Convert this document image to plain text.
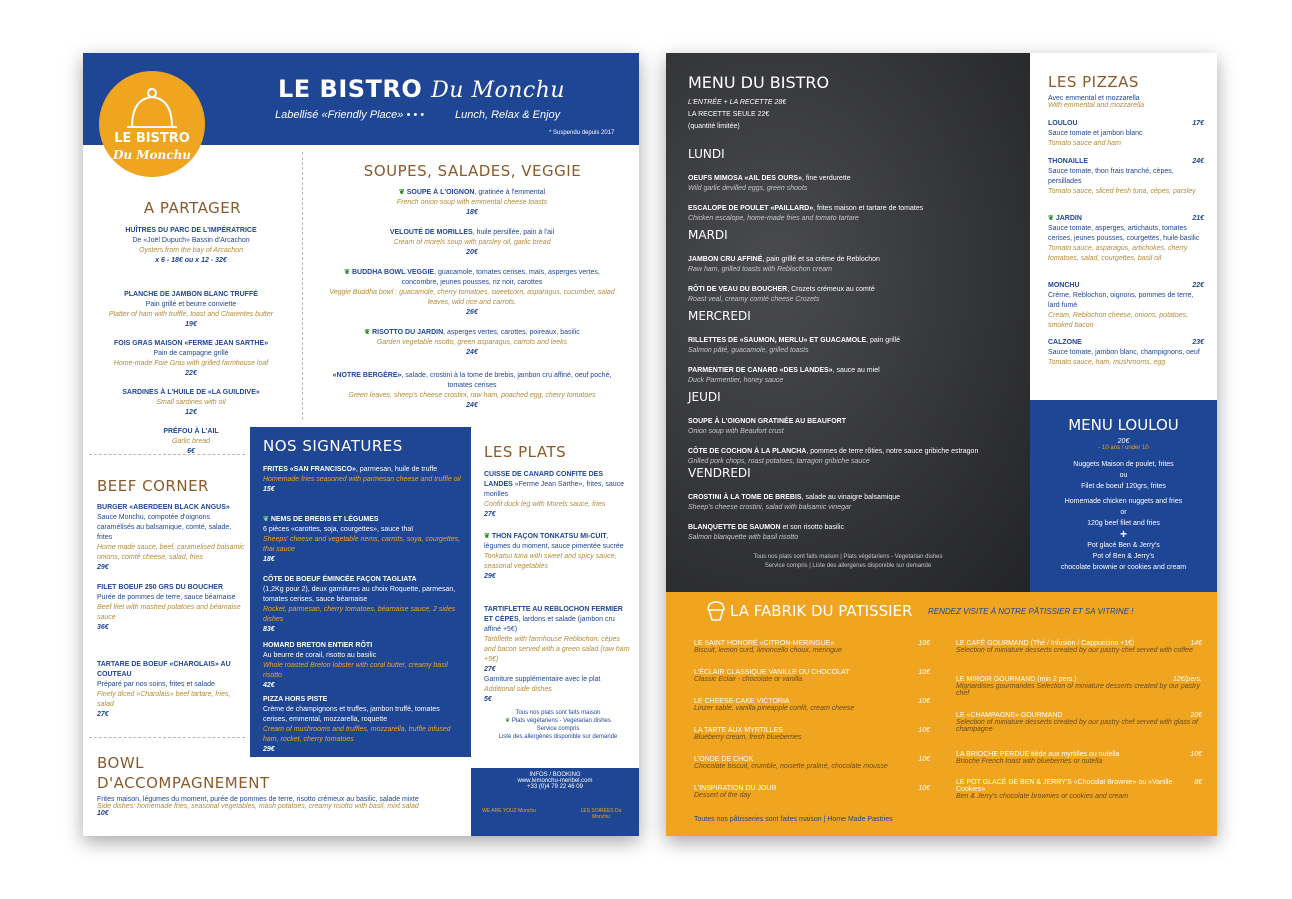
LE BISTRO
Du Monchu
LE BISTRO Du Monchu
Labellisé «Friendly Place» • • •	Lunch, Relax & Enjoy
* Suspendu depuis 2017
A PARTAGER
HUÎTRES DU PARC DE L'IMPÉRATRICE
De «Joël Dupuch» Bassin d'Arcachon
Oysters from the bay of Arcachon
x 6 - 18€ ou x 12 - 32€
PLANCHE DE JAMBON BLANC TRUFFÉ
Pain grillé et beurre conviette
Platter of ham with truffle, toast and Charentes butter
19€
FOIS GRAS MAISON «FERME JEAN SARTHE»
Pain de campagne grillé
Home-made Foie Gras with grilled farmhouse loaf
22€
SARDINES À L'HUILE DE «LA GUILDIVE»
Small sardines with oil
12€
PRÉFOU À L'AIL
Garlic bread
6€
SOUPES, SALADES, VEGGIE
❦ SOUPE À L'OIGNON, gratinée à l'emmental
French onion soup with emmental cheese toasts
18€
VELOUTÉ DE MORILLES, huile persillée, pain à l'ail
Cream of morels soup with parsley oil, garlic bread
20€
❦ BUDDHA BOWL VEGGIE, guacamole, tomates cerises, maïs, asperges vertes, concombre, jeunes pousses, riz noir, carottes
Veggie Buddha bowl : guacamole, cherry tomatoes, sweetcorn, asparagus, cucumber, salad leaves, wild rice and carrots.
26€
❦ RISOTTO DU JARDIN, asperges vertes, carottes, poireaux, basilic
Garden vegetable risotto, green asparagus, carrots and leeks
24€
«NOTRE BERGÈRE», salade, crostini à la tome de brebis, jambon cru affiné, oeuf poché, tomates cerises
Green leaves, sheep's cheese crostini, raw ham, poached egg, cherry tomatoes
24€
BEEF CORNER
BURGER «ABERDEEN BLACK ANGUS»
Sauce Monchu, compotée d'oignons caramélisés au balsamique, comté, salade, frites
Home made sauce, beef, caramelised balsamic onions, comté cheese, salad, fries
29€
FILET BOEUF 250 GRS DU BOUCHER
Purée de pommes de terre, sauce béarnaise
Beef filet with mashed potatoes and béarnaise sauce
36€
TARTARE DE BOEUF «CHAROLAIS» AU COUTEAU
Préparé par nos soins, frites et salade
Finely diced «Charolais» beef tartare, fries, salad
27€
NOS SIGNATURES
FRITES «SAN FRANCISCO», parmesan, huile de truffe
Homemade fries seasoned with parmesan cheese and truffle oil
15€
❦ NEMS DE BREBIS ET LÉGUMES
6 pièces «carottes, soja, courgettes», sauce thaï
Sheeps' cheese and vegetable nems, carrots, soya, courgettes, thai sauce
18€
CÔTE DE BOEUF ÉMINCÉE FAÇON TAGLIATA
(1,2Kg pour 2), deux garnitures au choix Roquette, parmesan, tomates cerises, sauce béarnaise
Rocket, parmesan, cherry tomatoes, béarnaise sauce, 2 sides dishes
83€
HOMARD BRETON ENTIER RÔTI
Au beurre de corail, risotto au basilic
Whole roasted Breton lobster with coral butter, creamy basil risotto
42€
PIZZA HORS PISTE
Crème de champignons et truffes, jambon truffé, tomates cerises, emmental, mozzarella, roquette
Cream of mushrooms and truffles, mozzarella, truffle infused ham, rocket, cherry tomatoes
29€
LES PLATS
CUISSE DE CANARD CONFITE DES LANDES «Ferme Jean Sarthe», frites, sauce morilles
Confit duck leg with Morels sauce, fries
27€
❦ THON FAÇON TONKATSU MI-CUIT, légumes du moment, sauce pimentée sucrée
Tonkatsu tuna with sweet and spicy sauce, seasonal vegetables
29€
TARTIFLETTE AU REBLOCHON FERMIER ET CÈPES, lardons et salade (jambon cru affiné +5€)
Tartiflette with farmhouse Reblochon, cèpes and bacon served with a green salad (raw ham +5€)
27€
Garniture supplémentaire avec le plat
Additional side dishes
5€
Tous nos plats sont faits maison
❦ Plats végétariens - Vegetarian dishes
Service compris
Liste des allergènes disponible sur demande
BOWL D'ACCOMPAGNEMENT
Frites maison, légumes du moment, purée de pommes de terre, risotto crémeux au basilic, salade mixte
Side dishes: homemade fries, seasonal vegetables, mash potatoes, creamy risotto with basil, mixt salad
10€
INFOS / BOOKING
www.lemonchu-meribel.com
+33 (0)4 79 22 46 09
WE ARE YOUZ Monchu	LES SOIRÉES Du Monchu
MENU DU BISTRO
L'ENTRÉE + LA RECETTE 28€
LA RECETTE SEULE 22€
(quantité limitée)
LUNDI
OEUFS MIMOSA «AIL DES OURS», fine verdurette
Wild garlic devilled eggs, green shoots
ESCALOPE DE POULET «PAILLARD», frites maison et tartare de tomates
Chicken escalope, home-made fries and tomato tartare
MARDI
JAMBON CRU AFFINÉ, pain grillé et sa crème de Reblochon
Raw ham, grilled toasts with Reblochon cream
RÔTI DE VEAU DU BOUCHER, Crozets crémeux au comté
Roast veal, creamy comté cheese Crozets
MERCREDI
RILLETTES DE «SAUMON, MERLU» ET GUACAMOLE, pain grillé
Salmon pâté, guacamole, grilled toasts
PARMENTIER DE CANARD «DES LANDES», sauce au miel
Duck Parmentier, honey sauce
JEUDI
SOUPE À L'OIGNON GRATINÉE AU BEAUFORT
Onion soup with Beaufort crust
CÔTE DE COCHON À LA PLANCHA, pommes de terre rôties, notre sauce gribiche estragon
Grilled pork chops, roast potatoes, tarragon gribiche sauce
VENDREDI
CROSTINI À LA TOME DE BREBIS, salade au vinaigre balsamique
Sheep's cheese crostini, salad with balsamic vinegar
BLANQUETTE DE SAUMON et son risotto basilic
Salmon blanquette with basil risotto
Tous nos plats sont faits maison | Plats végétariens - Vegetarian dishes
Service compris | Liste des allergènes disponible sur demande
LES PIZZAS
Avec emmental et mozzarella
With emmental and mozzarella
LOULOU
Sauce tomate et jambon blanc
Tomato sauce and ham
17€
THONAILLE
Sauce tomate, thon frais tranché, cèpes, persillades
Tomato sauce, sliced fresh tuna, cèpes, parsley
24€
❦ JARDIN
Sauce tomate, asperges, artichauts, tomates cerises, jeunes pousses, courgettes, huile basilic
Tomato sauce, asparagus, artichokes, cherry tomatoes, salad, courgettes, basil oil
21€
MONCHU
Crème, Reblochon, oignons, pommes de terre, lard fumé
Cream, Reblochon cheese, onions, potatoes, smoked bacon
22€
CALZONE
Sauce tomate, jambon blanc, champignons, oeuf
Tomato sauce, ham, mushrooms, egg
23€
MENU LOULOU
20€
- 10 ans / under 10
Nuggets Maison de poulet, frites
ou
Filet de boeuf 120grs, frites
Homemade chicken nuggets and fries
or
120g beef filet and fries
+
Pot glacé Ben & Jerry's
Pot of Ben & Jerry's
chocolate brownie or cookies and cream
LA FABRIK DU PATISSIER RENDEZ VISITE À NOTRE PÂTISSIER ET SA VITRINE !
LE SAINT HONORÉ «CITRON-MERINGUE»
Biscuit, lemon curd, limoncello choux, meringue
10€
L'ÉCLAIR CLASSIQUE VANILLE OU CHOCOLAT
Classic Eclair - chocolate or vanilla
10€
LE CHEESE-CAKE VICTORIA
Linzer sablé, vanilla pineapple confit, cream cheese
10€
LA TARTE AUX MYRTILLES
Blueberry cream, fresh blueberries
10€
L'ONDE DE CHOK
Chocolate biscuit, crumble, noisette praliné, chocolate mousse
10€
L'INSPIRATION DU JOUR
Dessert of the day
10€
LE CAFÉ GOURMAND (Thé / Infusion / Cappuccino +1€)
Selection of miniature desserts created by our pastry chef served with coffee
14€
LE MIROIR GOURMAND (min 2 pers.)
Mignardises gourmandes Selection of miniature desserts created by our pastry chef
12€/pers.
LE «CHAMPAGNE» GOURMAND
Selection of miniature desserts created by our pastry chef served with glass of champagne
20€
LA BRIOCHE PERDUE tiède aux myrtilles ou nutella
Brioche French toast with blueberries or nutella
10€
LE POT GLACÉ DE BEN & JERRY'S «Chocolat Brownie» ou «Vanille Cookies»
Ben & Jerry's chocolate brownies or cookies and cream
8€
Toutes nos pâtisseries sont faites maison | Home Made Pastries
